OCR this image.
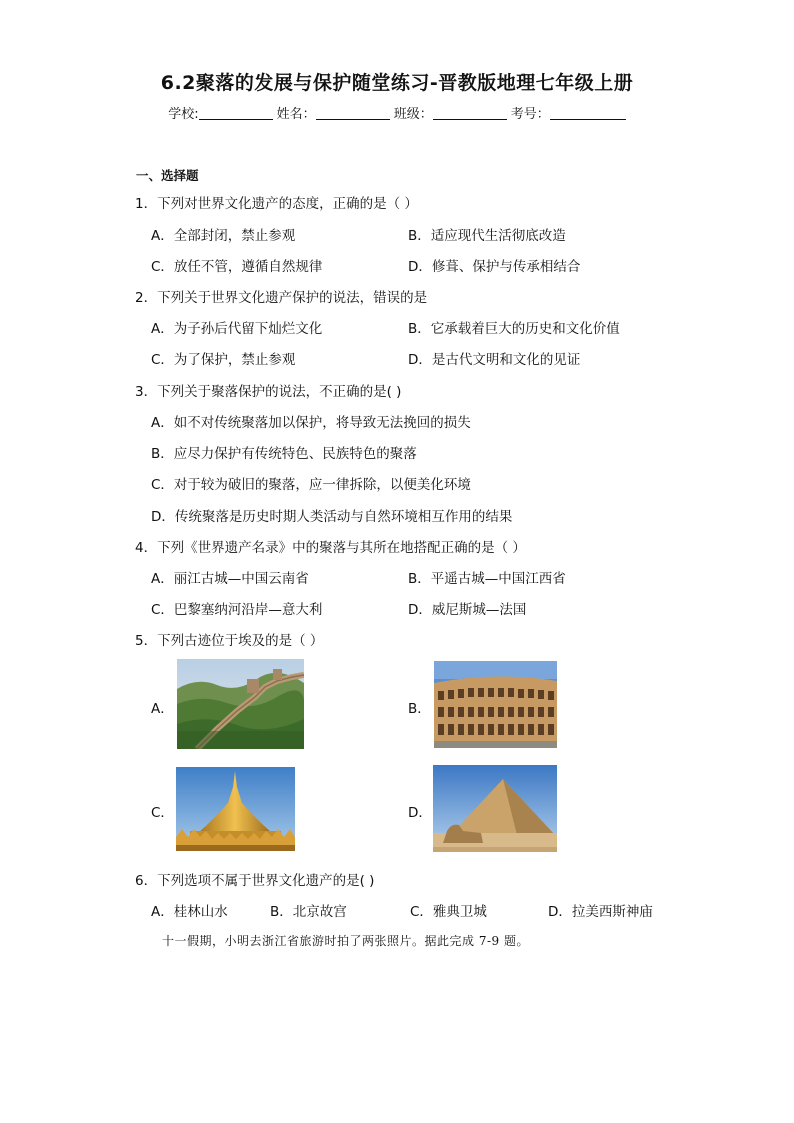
6.2聚落的发展与保护随堂练习-晋教版地理七年级上册
学校:	姓名：	班级：	考号：
一、选择题
1．下列对世界文化遗产的态度，正确的是（ ）
A．全部封闭，禁止参观	B．适应现代生活彻底改造
C．放任不管，遵循自然规律	D．修葺、保护与传承相结合
2．下列关于世界文化遗产保护的说法，错误的是
A．为子孙后代留下灿烂文化	B．它承载着巨大的历史和文化价值
C．为了保护，禁止参观	D．是古代文明和文化的见证
3．下列关于聚落保护的说法，不正确的是( )
A．如不对传统聚落加以保护，将导致无法挽回的损失
B．应尽力保护有传统特色、民族特色的聚落
C．对于较为破旧的聚落，应一律拆除，以便美化环境
D．传统聚落是历史时期人类活动与自然环境相互作用的结果
4．下列《世界遗产名录》中的聚落与其所在地搭配正确的是（ ）
A．丽江古城—中国云南省	B．平遥古城—中国江西省
C．巴黎塞纳河沿岸—意大利	D．威尼斯城—法国
5．下列古迹位于埃及的是（ ）
A．	B．
C．	D．
6．下列选项不属于世界文化遗产的是( )
A．桂林山水	B．北京故宫	C．雅典卫城	D．拉美西斯神庙
十一假期，小明去浙江省旅游时拍了两张照片。据此完成 7-9 题。
